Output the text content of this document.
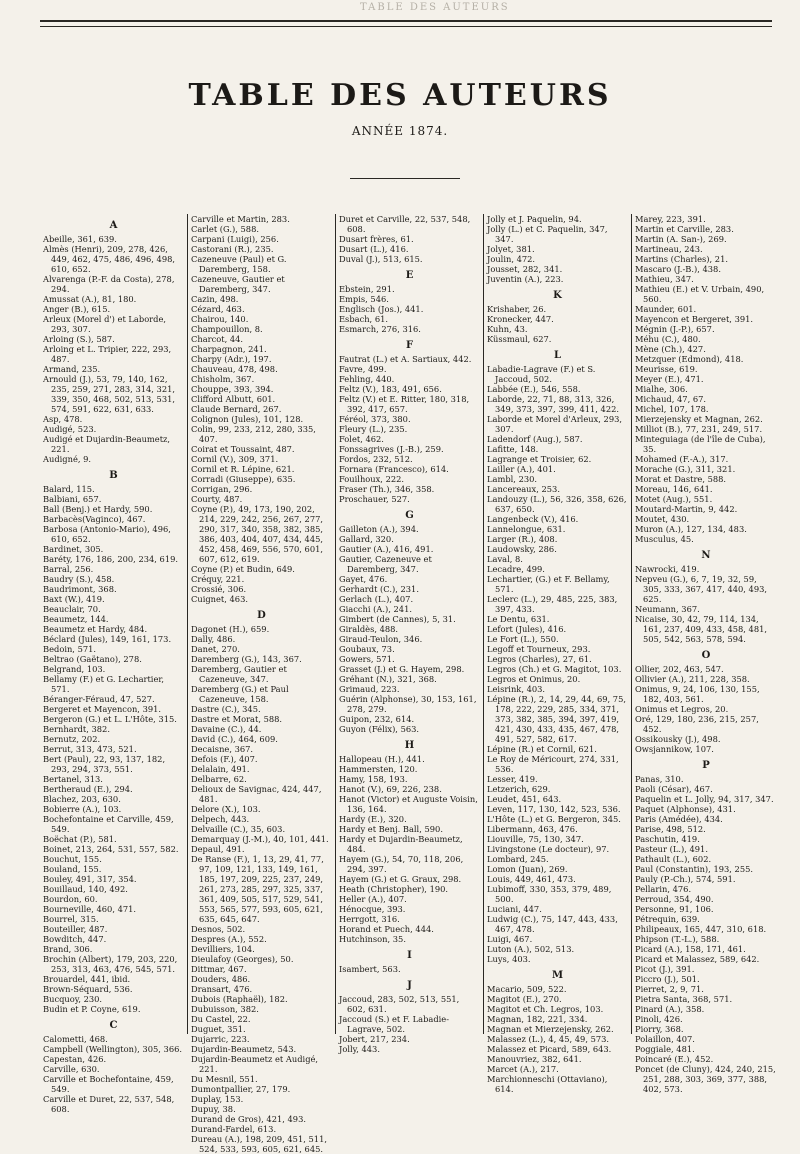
TABLE DES AUTEURS
TABLE DES AUTEURS
ANNÉE 1874.
A
Abeille, 361, 639.
Almès (Henri), 209, 278, 426, 449, 462, 475, 486, 496, 498, 610, 652.
Alvarenga (P.-F. da Costa), 278, 294.
Amussat (A.), 81, 180.
Anger (B.), 615.
Arleux (Morel d') et Laborde, 293, 307.
Arloing (S.), 587.
Arloing et L. Tripier, 222, 293, 487.
Armand, 235.
Arnould (J.), 53, 79, 140, 162, 235, 259, 271, 283, 314, 321, 339, 350, 468, 502, 513, 531, 574, 591, 622, 631, 633.
Asp, 478.
Audigé, 523.
Audigé et Dujardin-Beaumetz, 221.
Audigné, 9.
B
Balard, 115.
Balbiani, 657.
Ball (Benj.) et Hardy, 590.
Barbacès(Vaginco), 467.
Barbosa (Antonio-Mario), 496, 610, 652.
Bardinet, 305.
Baréty, 176, 186, 200, 234, 619.
Barral, 256.
Baudry (S.), 458.
Baudrimont, 368.
Baxt (W.), 419.
Beauclair, 70.
Beaumetz, 144.
Beaumetz et Hardy, 484.
Béclard (Jules), 149, 161, 173.
Bedoin, 571.
Beltrao (Gaëtano), 278.
Belgrand, 103.
Bellamy (F.) et G. Lechartier, 571.
Béranger-Féraud, 47, 527.
Bergeret et Mayencon, 391.
Bergeron (G.) et L. L'Hôte, 315.
Bernhardt, 382.
Bernutz, 202.
Berrut, 313, 473, 521.
Bert (Paul), 22, 93, 137, 182, 293, 294, 373, 551.
Bertanel, 313.
Bertheraud (E.), 294.
Blachez, 203, 630.
Bobierre (A.), 103.
Bochefontaine et Carville, 459, 549.
Boëchat (P.), 581.
Boinet, 213, 264, 531, 557, 582.
Bouchut, 155.
Bouland, 155.
Bouley, 491, 317, 354.
Bouillaud, 140, 492.
Bourdon, 60.
Bourneville, 460, 471.
Bourrel, 315.
Bouteiller, 487.
Bowditch, 447.
Brand, 306.
Brochin (Albert), 179, 203, 220, 253, 313, 463, 476, 545, 571.
Brouardel, 441, ibid.
Brown-Séquard, 536.
Bucquoy, 230.
Budin et P. Coyne, 619.
C
Calometti, 468.
Campbell (Wellington), 305, 366.
Capestan, 426.
Carville, 630.
Carville et Bochefontaine, 459, 549.
Carville et Duret, 22, 537, 548, 608.
Carville et Martin, 283.
Carlet (G.), 588.
Carpani (Luigi), 256.
Castorani (R.), 235.
Cazeneuve (Paul) et G. Daremberg, 158.
Cazeneuve, Gautier et Daremberg, 347.
Cazin, 498.
Cézard, 463.
Chairou, 140.
Champouillon, 8.
Charcot, 44.
Charpagnon, 241.
Charpy (Adr.), 197.
Chauveau, 478, 498.
Chisholm, 367.
Chouppe, 393, 394.
Clifford Albutt, 601.
Claude Bernard, 267.
Colignon (Jules), 101, 128.
Colin, 99, 233, 212, 280, 335, 407.
Coirat et Toussaint, 487.
Cornil (V.), 309, 371.
Cornil et R. Lépine, 621.
Corradi (Giuseppe), 635.
Corrigan, 296.
Courty, 487.
Coyne (P.), 49, 173, 190, 202, 214, 229, 242, 256, 267, 277, 290, 317, 340, 358, 382, 385, 386, 403, 404, 407, 434, 445, 452, 458, 469, 556, 570, 601, 607, 612, 619.
Coyne (P.) et Budin, 649.
Créquy, 221.
Crossié, 306.
Cuignet, 463.
D
Dagonet (H.), 659.
Dally, 486.
Danet, 270.
Daremberg (G.), 143, 367.
Daremberg, Gautier et Cazeneuve, 347.
Daremberg (G.) et Paul Cazeneuve, 158.
Dastre (C.), 345.
Dastre et Morat, 588.
Davaine (C.), 44.
David (C.), 464, 609.
Decaisne, 367.
Defois (F.), 407.
Delalain, 491.
Delbarre, 62.
Delioux de Savignac, 424, 447, 481.
Delore (X.), 103.
Delpech, 443.
Delvaille (C.), 35, 603.
Demarquay (J.-M.), 40, 101, 441.
Depaul, 491.
De Ranse (F.), 1, 13, 29, 41, 77, 97, 109, 121, 133, 149, 161, 185, 197, 209, 225, 237, 249, 261, 273, 285, 297, 325, 337, 361, 409, 505, 517, 529, 541, 553, 565, 577, 593, 605, 621, 635, 645, 647.
Desnos, 502.
Despres (A.), 552.
Devilliers, 104.
Dieulafoy (Georges), 50.
Dittmar, 467.
Douders, 486.
Dransart, 476.
Dubois (Raphaël), 182.
Dubuisson, 382.
Du Castel, 22.
Duguet, 351.
Dujarric, 223.
Dujardin-Beaumetz, 543.
Dujardin-Beaumetz et Audigé, 221.
Du Mesnil, 551.
Dumontpallier, 27, 179.
Duplay, 153.
Dupuy, 38.
Durand de Gros), 421, 493.
Durand-Fardel, 613.
Dureau (A.), 198, 209, 451, 511, 524, 533, 593, 605, 621, 645.
Duret et Carville, 22, 537, 548, 608.
Dusart frères, 61.
Dusart (L.), 416.
Duval (J.), 513, 615.
E
Ebstein, 291.
Empis, 546.
Englisch (Jos.), 441.
Esbach, 61.
Esmarch, 276, 316.
F
Fautrat (L.) et A. Sartiaux, 442.
Favre, 499.
Fehling, 440.
Feltz (V.), 183, 491, 656.
Feltz (V.) et E. Ritter, 180, 318, 392, 417, 657.
Féréol, 373, 380.
Fleury (L.), 235.
Folet, 462.
Fonssagrives (J.-B.), 259.
Fordos, 232, 512.
Fornara (Francesco), 614.
Fouilhoux, 222.
Fraser (Th.), 346, 358.
Proschauer, 527.
G
Gailleton (A.), 394.
Gallard, 320.
Gautier (A.), 416, 491.
Gautier, Cazeneuve et Daremberg, 347.
Gayet, 476.
Gerhardt (C.), 231.
Gerlach (L.), 407.
Giacchi (A.), 241.
Gimbert (de Cannes), 5, 31.
Giraldès, 488.
Giraud-Teulon, 346.
Goubaux, 73.
Gowers, 571.
Grasset (J.) et G. Hayem, 298.
Gréhant (N.), 321, 368.
Grimaud, 223.
Guérin (Alphonse), 30, 153, 161, 278, 279.
Guipon, 232, 614.
Guyon (Félix), 563.
H
Hallopeau (H.), 441.
Hammersten, 120.
Hamy, 158, 193.
Hanot (V.), 69, 226, 238.
Hanot (Victor) et Auguste Voisin, 136, 164.
Hardy (E.), 320.
Hardy et Benj. Ball, 590.
Hardy et Dujardin-Beaumetz, 484.
Hayem (G.), 54, 70, 118, 206, 294, 397.
Hayem (G.) et G. Graux, 298.
Heath (Christopher), 190.
Heller (A.), 407.
Hénocque, 393.
Herrgott, 316.
Horand et Puech, 444.
Hutchinson, 35.
I
Isambert, 563.
J
Jaccoud, 283, 502, 513, 551, 602, 631.
Jaccoud (S.) et F. Labadie-Lagrave, 502.
Jobert, 217, 234.
Jolly, 443.
Jolly et J. Paquelin, 94.
Jolly (L.) et C. Paquelin, 347, 347.
Jolyet, 381.
Joulin, 472.
Jousset, 282, 341.
Juventin (A.), 223.
K
Krishaber, 26.
Kronecker, 447.
Kuhn, 43.
Küssmaul, 627.
L
Labadie-Lagrave (F.) et S. Jaccoud, 502.
Labbée (E.), 546, 558.
Laborde, 22, 71, 88, 313, 326, 349, 373, 397, 399, 411, 422.
Laborde et Morel d'Arleux, 293, 307.
Ladendorf (Aug.), 587.
Lafitte, 148.
Lagrange et Troisier, 62.
Lailler (A.), 401.
Lambl, 230.
Lancereaux, 253.
Landouzy (L.), 56, 326, 358, 626, 637, 650.
Langenbeck (V.), 416.
Lannelongue, 631.
Larger (R.), 408.
Laudowsky, 286.
Laval, 8.
Lecadre, 499.
Lechartier, (G.) et F. Bellamy, 571.
Leclerc (L.), 29, 485, 225, 383, 397, 433.
Le Dentu, 631.
Lefort (Jules), 416.
Le Fort (L.), 550.
Legoff et Tourneux, 293.
Legros (Charles), 27, 61.
Legros (Ch.) et G. Magitot, 103.
Legros et Onimus, 20.
Leisrink, 403.
Lépine (R.), 2, 14, 29, 44, 69, 75, 178, 222, 229, 285, 334, 371, 373, 382, 385, 394, 397, 419, 421, 430, 433, 435, 467, 478, 491, 527, 582, 617.
Lépine (R.) et Cornil, 621.
Le Roy de Méricourt, 274, 331, 536.
Lesser, 419.
Letzerich, 629.
Leudet, 451, 643.
Leven, 117, 130, 142, 523, 536.
L'Hôte (L.) et G. Bergeron, 345.
Libermann, 463, 476.
Liouville, 75, 130, 347.
Livingstone (Le docteur), 97.
Lombard, 245.
Lomon (Juan), 269.
Louis, 449, 461, 473.
Lubimoff, 330, 353, 379, 489, 500.
Luciani, 447.
Ludwig (C.), 75, 147, 443, 433, 467, 478.
Luigi, 467.
Luton (A.), 502, 513.
Luys, 403.
M
Macario, 509, 522.
Magitot (E.), 270.
Magitot et Ch. Legros, 103.
Magnan, 182, 221, 334.
Magnan et Mierzejensky, 262.
Malassez (L.), 4, 45, 49, 573.
Malassez et Picard, 589, 643.
Manouvriez, 382, 641.
Marcet (A.), 217.
Marchionneschi (Ottaviano), 614.
Marey, 223, 391.
Martin et Carville, 283.
Martin (A. San-), 269.
Martineau, 243.
Martins (Charles), 21.
Mascaro (J.-B.), 438.
Mathieu, 347.
Mathieu (E.) et V. Urbain, 490, 560.
Maunder, 601.
Mayencon et Bergeret, 391.
Mégnin (J.-P.), 657.
Méhu (C.), 480.
Mène (Ch.), 427.
Metzquer (Edmond), 418.
Meurisse, 619.
Meyer (E.), 471.
Mialhe, 306.
Michaud, 47, 67.
Michel, 107, 178.
Mierzejensky et Magnan, 262.
Milliot (B.), 77, 231, 249, 517.
Minteguiaga (de l'île de Cuba), 35.
Mohamed (F.-A.), 317.
Morache (G.), 311, 321.
Morat et Dastre, 588.
Moreau, 146, 641.
Motet (Aug.), 551.
Moutard-Martin, 9, 442.
Moutet, 430.
Muron (A.), 127, 134, 483.
Musculus, 45.
N
Nawrocki, 419.
Nepveu (G.), 6, 7, 19, 32, 59, 305, 333, 367, 417, 440, 493, 625.
Neumann, 367.
Nicaise, 30, 42, 79, 114, 134, 161, 237, 409, 433, 458, 481, 505, 542, 563, 578, 594.
O
Ollier, 202, 463, 547.
Ollivier (A.), 211, 228, 358.
Onimus, 9, 24, 106, 130, 155, 182, 403, 561.
Onimus et Legros, 20.
Oré, 129, 180, 236, 215, 257, 452.
Ossikousky (J.), 498.
Owsjannikow, 107.
P
Panas, 310.
Paoli (César), 467.
Paquelin et L. Jolly, 94, 317, 347.
Paquet (Alphonse), 431.
Paris (Amédée), 434.
Parise, 498, 512.
Paschutin, 419.
Pasteur (L.), 491.
Pathault (L.), 602.
Paul (Constantin), 193, 255.
Pauly (P.-Ch.), 574, 591.
Pellarin, 476.
Perroud, 354, 490.
Personne, 91, 106.
Pétrequin, 639.
Philipeaux, 165, 447, 310, 618.
Phipson (T.-L.), 588.
Picard (A.), 158, 171, 461.
Picard et Malassez, 589, 642.
Picot (J.), 391.
Piccro (J.), 501.
Pierret, 2, 9, 71.
Pietra Santa, 368, 571.
Pinard (A.), 358.
Pinoli, 426.
Piorry, 368.
Polaillon, 407.
Poggiale, 481.
Poincaré (E.), 452.
Poncet (de Cluny), 424, 240, 215, 251, 288, 303, 369, 377, 388, 402, 573.
